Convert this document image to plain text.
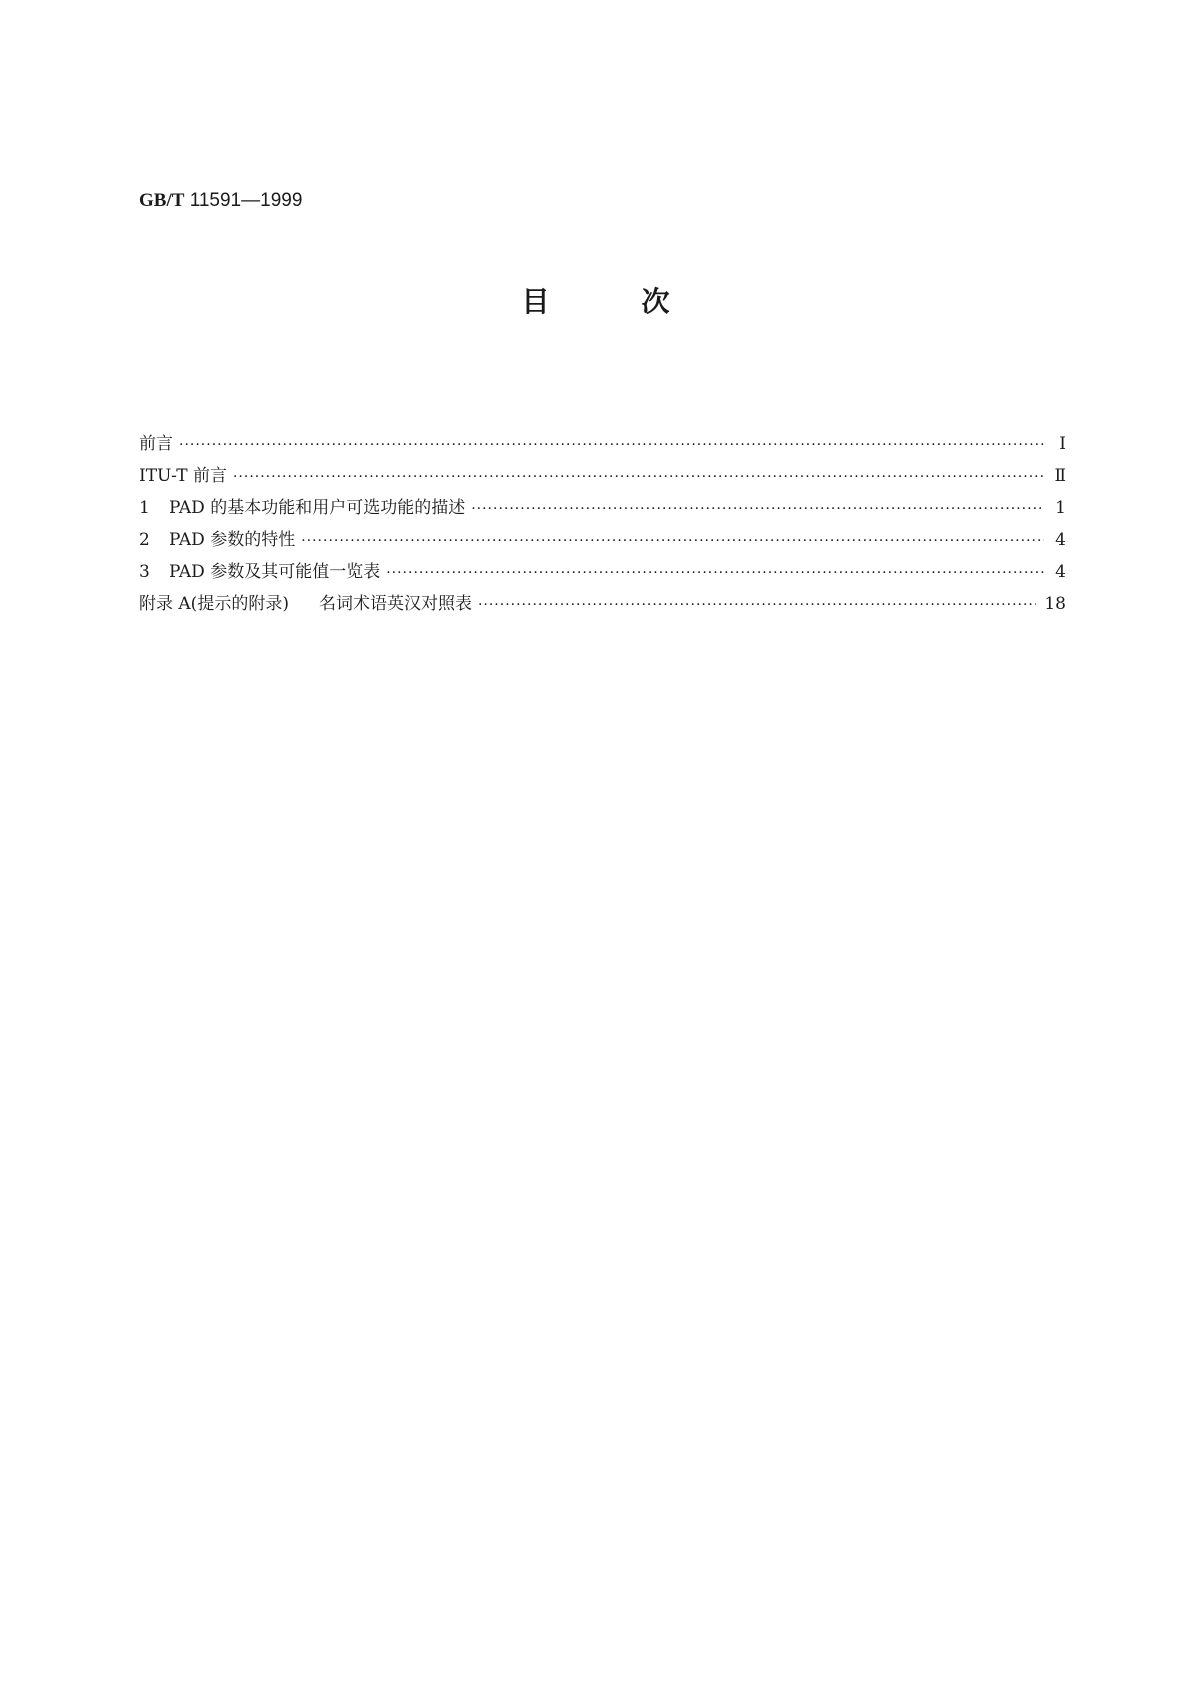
GB/T 11591—1999
目次
前言 ·····	Ⅰ
ITU-T 前言 ·····	Ⅱ
1 PAD 的基本功能和用户可选功能的描述 ·····	1
2 PAD 参数的特性 ·····	4
3 PAD 参数及其可能值一览表 ·····	4
附录 A(提示的附录) 名词术语英汉对照表 ·····	18
